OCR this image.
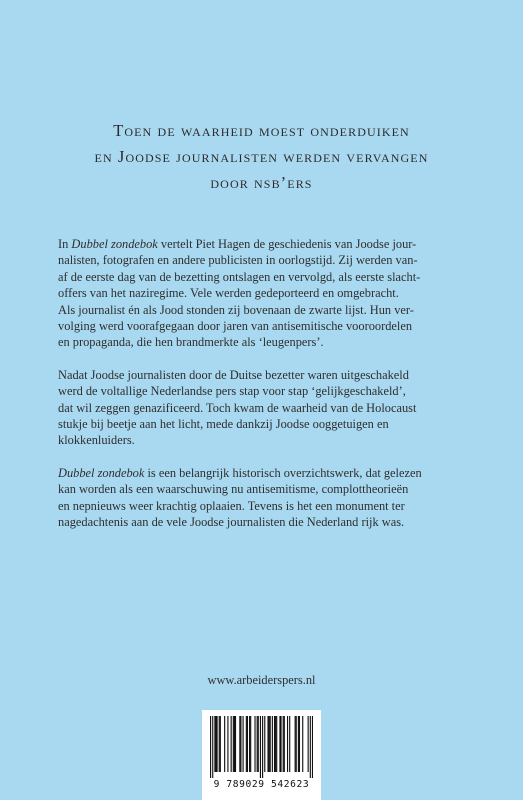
Toen de waarheid moest onderduiken
en Joodse journalisten werden vervangen
door nsb’ers
In Dubbel zondebok vertelt Piet Hagen de geschiedenis van Joodse jour-
nalisten, fotografen en andere publicisten in oorlogstijd. Zij werden van-
af de eerste dag van de bezetting ontslagen en vervolgd, als eerste slacht-
offers van het naziregime. Vele werden gedeporteerd en omgebracht.
Als journalist én als Jood stonden zij bovenaan de zwarte lijst. Hun ver-
volging werd voorafgegaan door jaren van antisemitische vooroordelen
en propaganda, die hen brandmerkte als ‘leugenpers’.
Nadat Joodse journalisten door de Duitse bezetter waren uitgeschakeld
werd de voltallige Nederlandse pers stap voor stap ‘gelijkgeschakeld’,
dat wil zeggen genazificeerd. Toch kwam de waarheid van de Holocaust
stukje bij beetje aan het licht, mede dankzij Joodse ooggetuigen en
klokkenluiders.
Dubbel zondebok is een belangrijk historisch overzichtswerk, dat gelezen
kan worden als een waarschuwing nu antisemitisme, complottheorieën
en nepnieuws weer krachtig oplaaien. Tevens is het een monument ter
nagedachtenis aan de vele Joodse journalisten die Nederland rijk was.
www.arbeiderspers.nl
9 789029 542623
